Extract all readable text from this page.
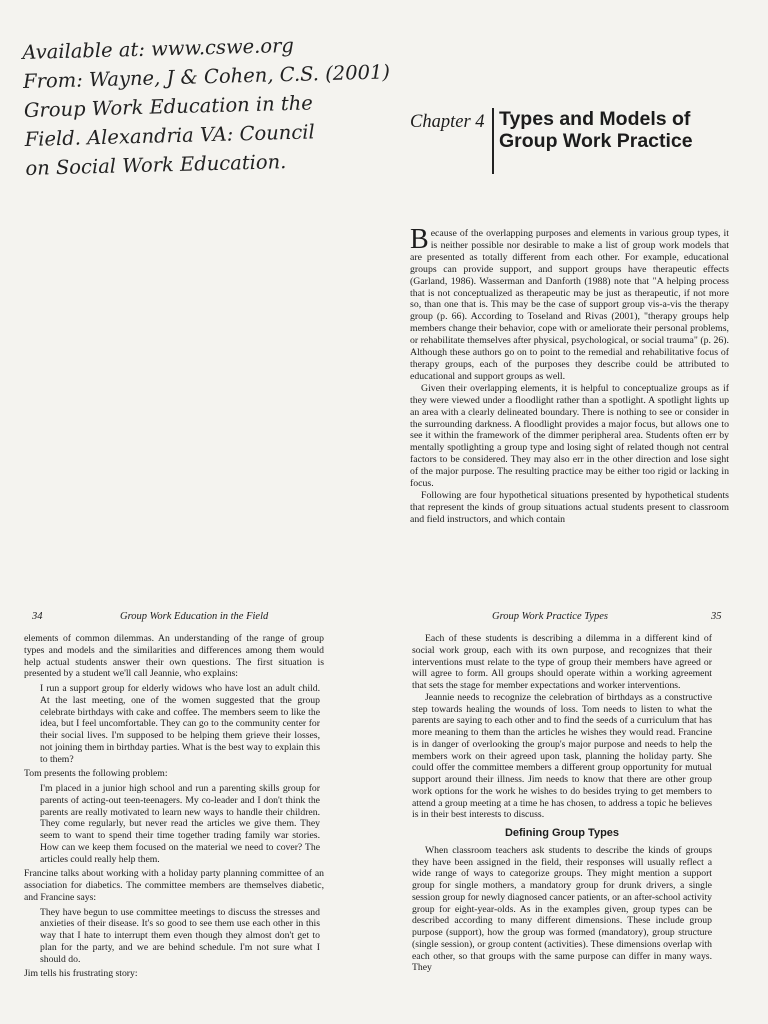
Available at: www.cswe.org
From: Wayne, J & Cohen, C.S. (2001)
Group Work Education in the
Field. Alexandria VA: Council
on Social Work Education.
Chapter 4 Types and Models of Group Work Practice

Because of the overlapping purposes and elements in various group types, it is neither possible nor desirable to make a list of group work models that are presented as totally different from each other. For example, educational groups can provide support, and support groups have therapeutic effects (Garland, 1986). Wasserman and Danforth (1988) note that "A helping process that is not conceptualized as therapeutic may be just as therapeutic, if not more so, than one that is. This may be the case of support group vis-a-vis the therapy group (p. 66). According to Toseland and Rivas (2001), "therapy groups help members change their behavior, cope with or ameliorate their personal problems, or rehabilitate themselves after physical, psychological, or social trauma" (p. 26). Although these authors go on to point to the remedial and rehabilitative focus of therapy groups, each of the purposes they describe could be attributed to educational and support groups as well.

Given their overlapping elements, it is helpful to conceptualize groups as if they were viewed under a floodlight rather than a spotlight. A spotlight lights up an area with a clearly delineated boundary. There is nothing to see or consider in the surrounding darkness. A floodlight provides a major focus, but allows one to see it within the framework of the dimmer peripheral area. Students often err by mentally spotlighting a group type and losing sight of related though not central factors to be considered. They may also err in the other direction and lose sight of the major purpose. The resulting practice may be either too rigid or lacking in focus.

Following are four hypothetical situations presented by hypothetical students that represent the kinds of group situations actual students present to classroom and field instructors, and which contain

34	Group Work Education in the Field	Group Work Practice Types	35

elements of common dilemmas. An understanding of the range of group types and models and the similarities and differences among them would help actual students answer their own questions. The first situation is presented by a student we'll call Jeannie, who explains:

I run a support group for elderly widows who have lost an adult child. At the last meeting, one of the women suggested that the group celebrate birthdays with cake and coffee. The members seem to like the idea, but I feel uncomfortable. They can go to the community center for their social lives. I'm supposed to be helping them grieve their losses, not joining them in birthday parties. What is the best way to explain this to them?

Tom presents the following problem:

I'm placed in a junior high school and run a parenting skills group for parents of acting-out teen-teenagers. My co-leader and I don't think the parents are really motivated to learn new ways to handle their children. They come regularly, but never read the articles we give them. They seem to want to spend their time together trading family war stories. How can we keep them focused on the material we need to cover? The articles could really help them.

Francine talks about working with a holiday party planning committee of an association for diabetics. The committee members are themselves diabetic, and Francine says:

They have begun to use committee meetings to discuss the stresses and anxieties of their disease. It's so good to see them use each other in this way that I hate to interrupt them even though they almost don't get to plan for the party, and we are behind schedule. I'm not sure what I should do.

Jim tells his frustrating story:

Each of these students is describing a dilemma in a different kind of social work group, each with its own purpose, and recognizes that their interventions must relate to the type of group their members have agreed or will agree to form. All groups should operate within a working agreement that sets the stage for member expectations and worker interventions.

Jeannie needs to recognize the celebration of birthdays as a constructive step towards healing the wounds of loss. Tom needs to listen to what the parents are saying to each other and to find the seeds of a curriculum that has more meaning to them than the articles he wishes they would read. Francine is in danger of overlooking the group's major purpose and needs to help the members work on their agreed upon task, planning the holiday party. She could offer the committee members a different group opportunity for mutual support around their illness. Jim needs to know that there are other group work options for the work he wishes to do besides trying to get members to attend a group meeting at a time he has chosen, to address a topic he believes is in their best interests to discuss.

Defining Group Types

When classroom teachers ask students to describe the kinds of groups they have been assigned in the field, their responses will usually reflect a wide range of ways to categorize groups. They might mention a support group for single mothers, a mandatory group for drunk drivers, a single session group for newly diagnosed cancer patients, or an after-school activity group for eight-year-olds. As in the examples given, group types can be described according to many different dimensions. These include group purpose (support), how the group was formed (mandatory), group structure (single session), or group content (activities). These dimensions overlap with each other, so that groups with the same purpose can differ in many ways. They
